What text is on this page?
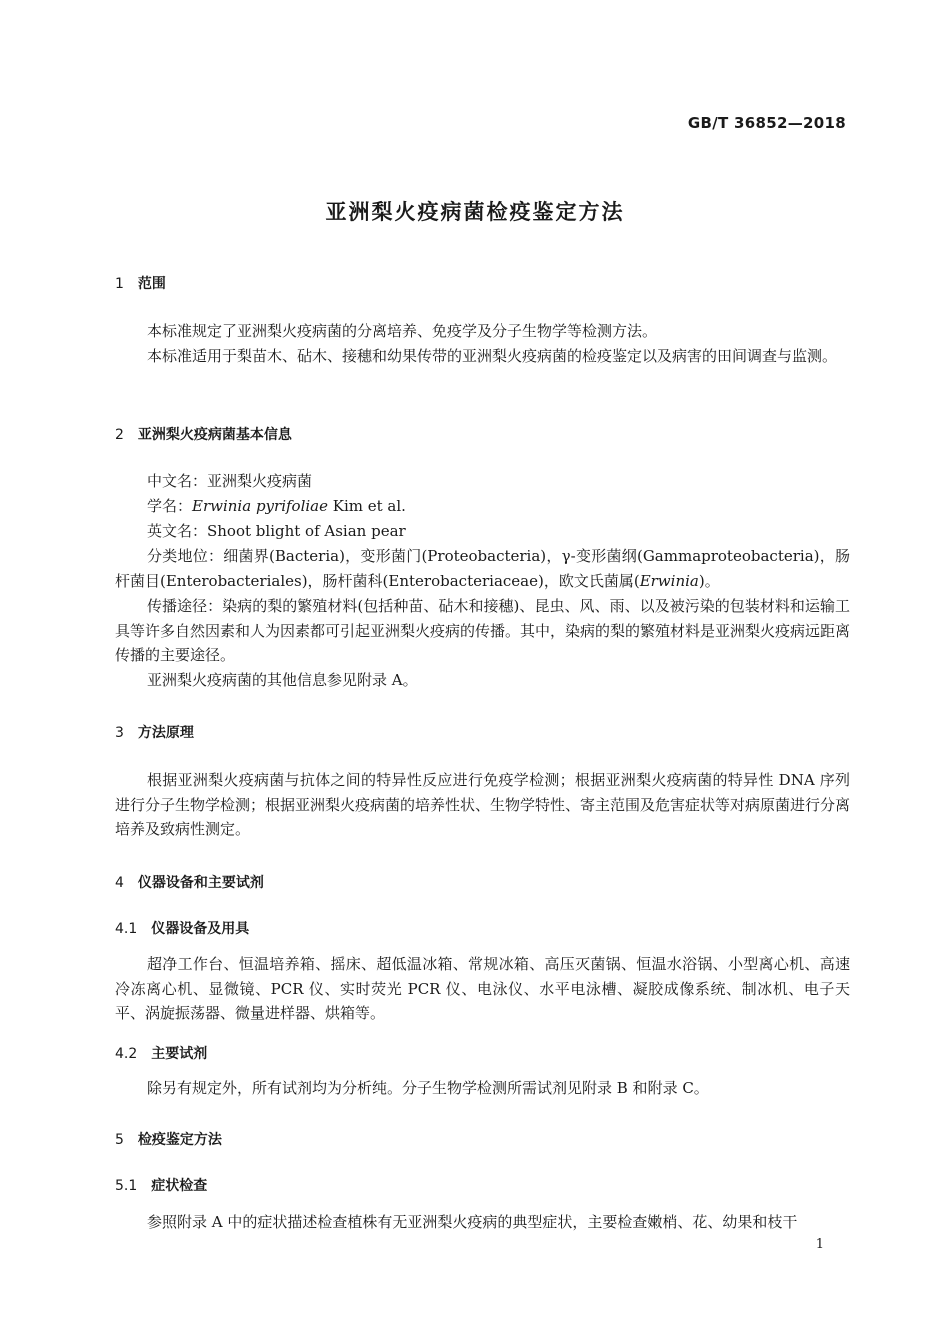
GB/T 36852—2018
亚洲梨火疫病菌检疫鉴定方法
1 范围
本标准规定了亚洲梨火疫病菌的分离培养、免疫学及分子生物学等检测方法。
本标准适用于梨苗木、砧木、接穗和幼果传带的亚洲梨火疫病菌的检疫鉴定以及病害的田间调查与监测。
2 亚洲梨火疫病菌基本信息
中文名：亚洲梨火疫病菌
学名：Erwinia pyrifoliae Kim et al.
英文名：Shoot blight of Asian pear
分类地位：细菌界(Bacteria)，变形菌门(Proteobacteria)，γ-变形菌纲(Gammaproteobacteria)，肠杆菌目(Enterobacteriales)，肠杆菌科(Enterobacteriaceae)，欧文氏菌属(Erwinia)。
传播途径：染病的梨的繁殖材料(包括种苗、砧木和接穗)、昆虫、风、雨、以及被污染的包装材料和运输工具等许多自然因素和人为因素都可引起亚洲梨火疫病的传播。其中，染病的梨的繁殖材料是亚洲梨火疫病远距离传播的主要途径。
亚洲梨火疫病菌的其他信息参见附录 A。
3 方法原理
根据亚洲梨火疫病菌与抗体之间的特异性反应进行免疫学检测；根据亚洲梨火疫病菌的特异性 DNA 序列进行分子生物学检测；根据亚洲梨火疫病菌的培养性状、生物学特性、寄主范围及危害症状等对病原菌进行分离培养及致病性测定。
4 仪器设备和主要试剂
4.1 仪器设备及用具
超净工作台、恒温培养箱、摇床、超低温冰箱、常规冰箱、高压灭菌锅、恒温水浴锅、小型离心机、高速冷冻离心机、显微镜、PCR 仪、实时荧光 PCR 仪、电泳仪、水平电泳槽、凝胶成像系统、制冰机、电子天平、涡旋振荡器、微量进样器、烘箱等。
4.2 主要试剂
除另有规定外，所有试剂均为分析纯。分子生物学检测所需试剂见附录 B 和附录 C。
5 检疫鉴定方法
5.1 症状检查
参照附录 A 中的症状描述检查植株有无亚洲梨火疫病的典型症状，主要检查嫩梢、花、幼果和枝干
1
